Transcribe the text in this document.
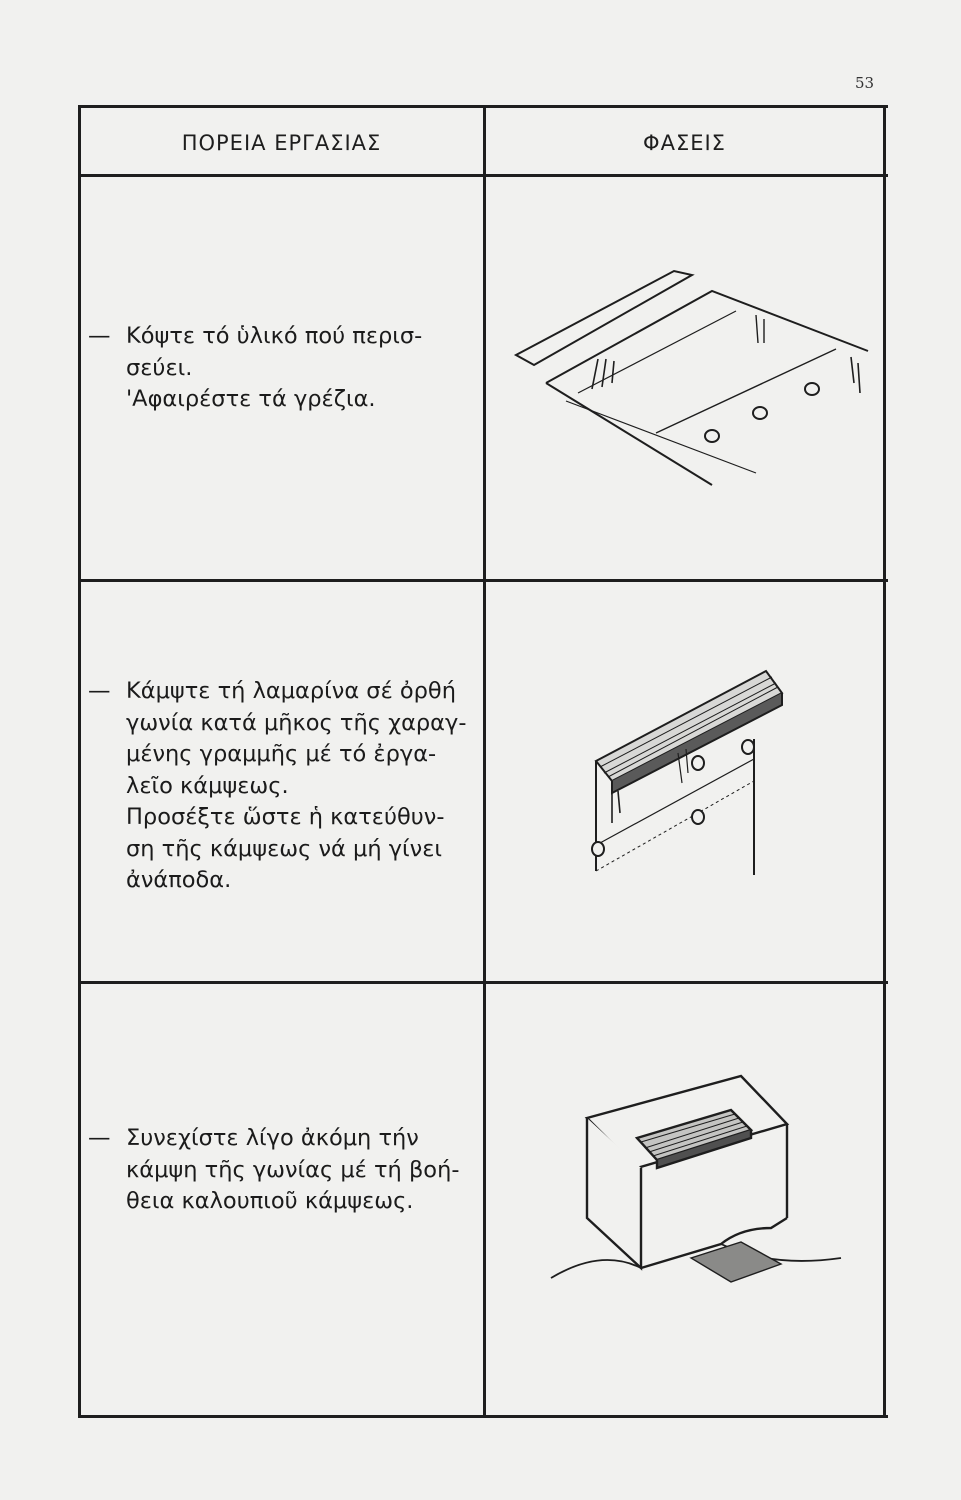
53
ΠΟΡΕΙΑ ΕΡΓΑΣΙΑΣ	ΦΑΣΕΙΣ
— Κόψτε τό ὑλικό πού περισ-
σεύει.
'Αφαιρέστε τά γρέζια.
— Κάμψτε τή λαμαρίνα σέ ὀρθή
γωνία κατά μῆκος τῆς χαραγ-
μένης γραμμῆς μέ τό ἐργα-
λεῖο κάμψεως.
Προσέξτε ὥστε ἡ κατεύθυν-
ση τῆς κάμψεως νά μή γίνει
ἀνάποδα.
— Συνεχίστε λίγο ἀκόμη τήν
κάμψη τῆς γωνίας μέ τή βοή-
θεια καλουπιοῦ κάμψεως.
